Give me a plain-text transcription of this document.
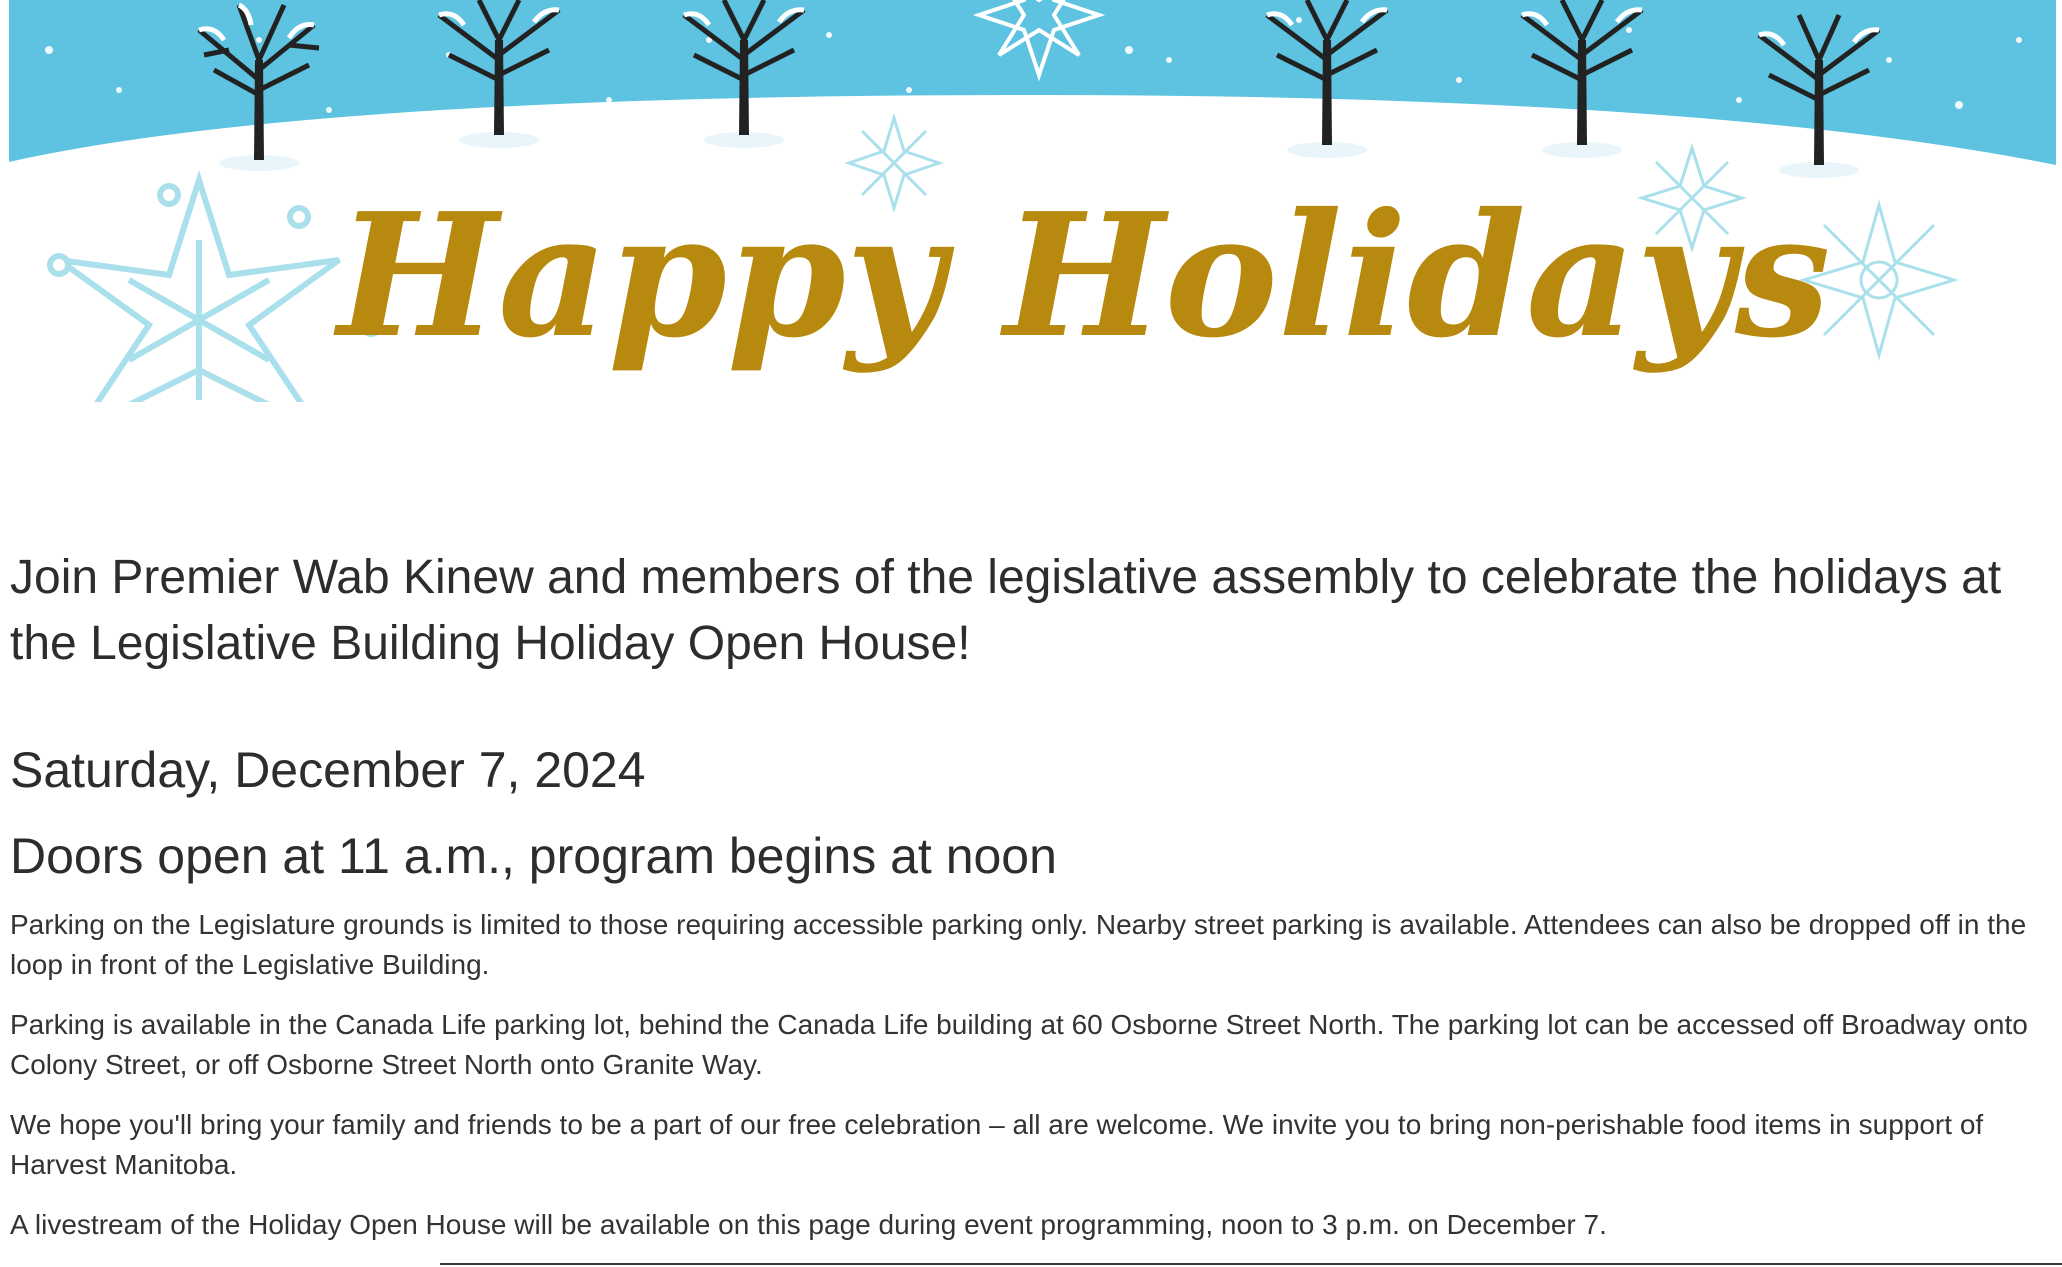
Happy Holidays
Join Premier Wab Kinew and members of the legislative assembly to celebrate the holidays at the Legislative Building Holiday Open House!
Saturday, December 7, 2024
Doors open at 11 a.m., program begins at noon

Parking on the Legislature grounds is limited to those requiring accessible parking only. Nearby street parking is available. Attendees can also be dropped off in the loop in front of the Legislative Building.

Parking is available in the Canada Life parking lot, behind the Canada Life building at 60 Osborne Street North. The parking lot can be accessed off Broadway onto Colony Street, or off Osborne Street North onto Granite Way.

We hope you'll bring your family and friends to be a part of our free celebration – all are welcome. We invite you to bring non-perishable food items in support of Harvest Manitoba.

A livestream of the Holiday Open House will be available on this page during event programming, noon to 3 p.m. on December 7.
